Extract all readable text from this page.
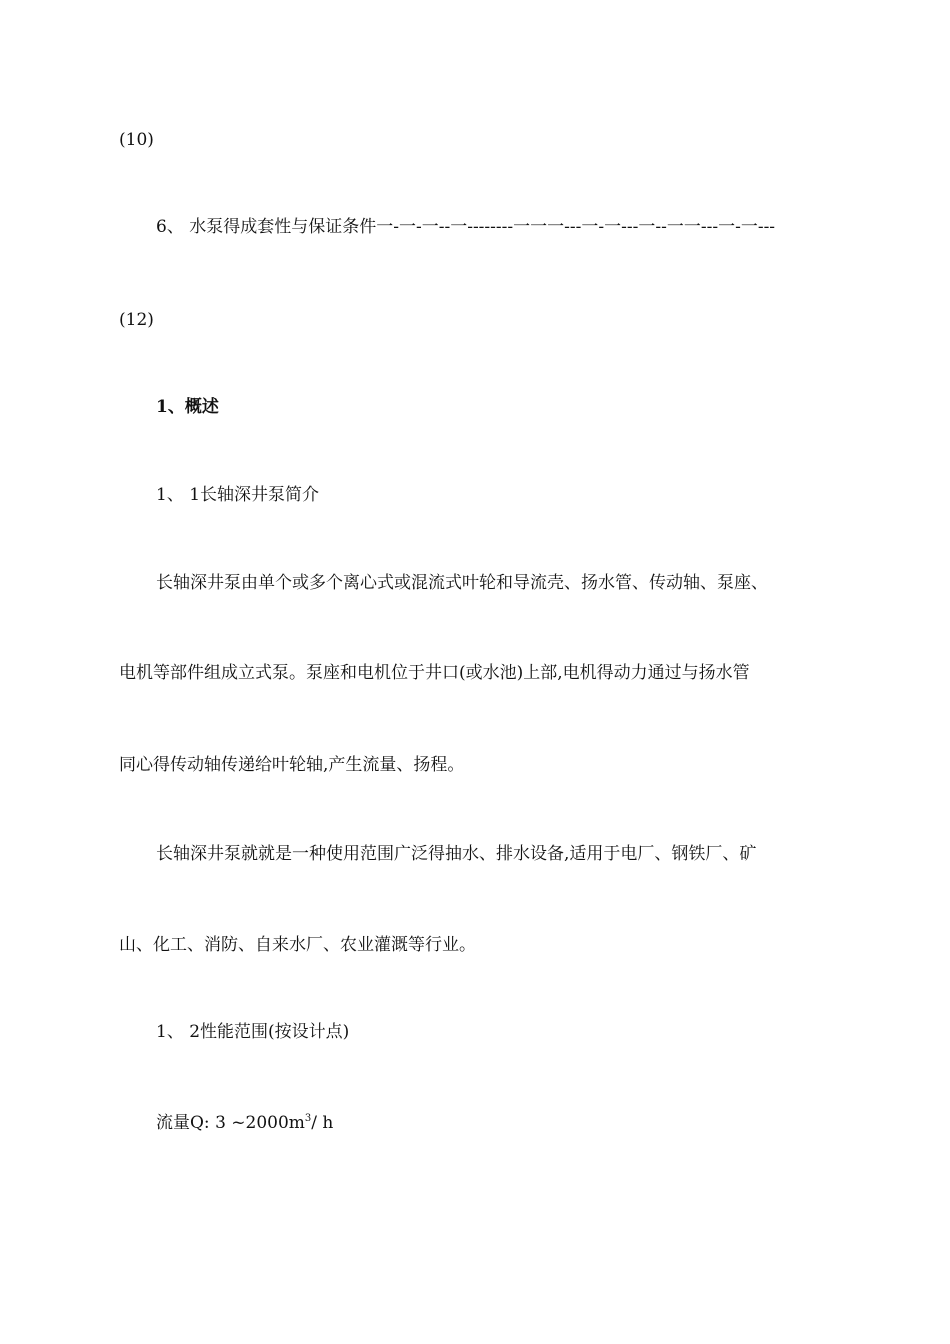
(10)

6、 水泵得成套性与保证条件一-一-一--一--------一一一---一-一---一--一一---一-一---

(12)

1、概述

1、 1长轴深井泵简介

长轴深井泵由单个或多个离心式或混流式叶轮和导流壳、扬水管、传动轴、泵座、

电机等部件组成立式泵。泵座和电机位于井口(或水池)上部,电机得动力通过与扬水管

同心得传动轴传递给叶轮轴,产生流量、扬程。

长轴深井泵就就是一种使用范围广泛得抽水、排水设备,适用于电厂、钢铁厂、矿

山、化工、消防、自来水厂、农业灌溉等行业。

1、 2性能范围(按设计点)

流量Q: 3 $\sim 2000m^3/$ h
